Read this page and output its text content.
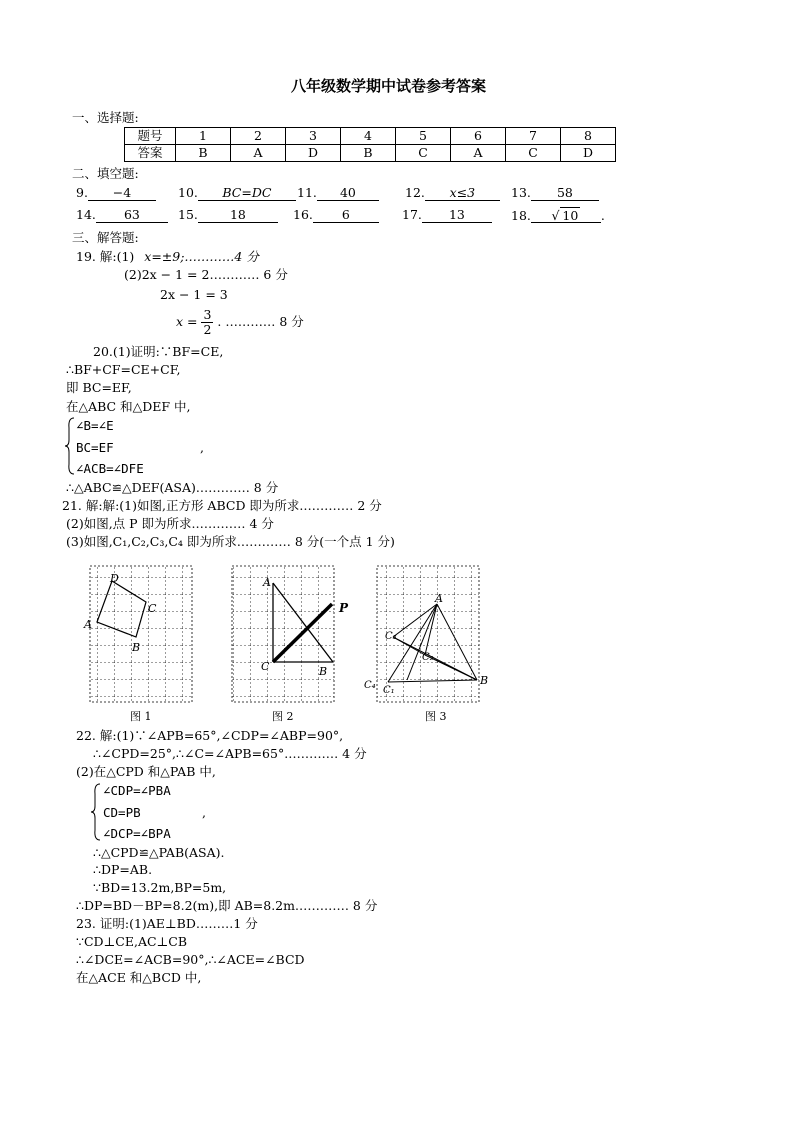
八年级数学期中试卷参考答案
一、选择题:
题号	1	2	3	4	5	6	7	8
答案	B	A	D	B	C	A	C	D
二、填空题:
9. −4	10. BC=DC	11. 40	12. x≤3	13. 58
14. 63	15.	18	16. 6	17. 13	18. √ 10 .
三、解答题:
19. 解:(1) x=±9;…………4 分
(2)2x − 1 = 2………… 6 分
2x − 1 = 3
$x = \frac{3}{2}$ . ………… 8 分
20.(1)证明:∵BF=CE,
∴BF+CF=CE+CF,
即 BC=EF,
在△ABC 和△DEF 中,
∠B=∠E
BC=EF	,
∠ACB=∠DFE
∴△ABC≌△DEF(ASA).………… 8 分
21. 解:解:(1)如图,正方形 ABCD 即为所求.………… 2 分
(2)如图,点 P 即为所求.………… 4 分
(3)如图,C₁,C₂,C₃,C₄ 即为所求.………… 8 分(一个点 1 分)
D
C
A
B
图 1
A
P
C	B
图 2
A
C₃
C₂
C₄ C₁
B
图 3
22. 解:(1)∵∠APB=65°,∠CDP=∠ABP=90°,
∴∠CPD=25°,∴∠C=∠APB=65°.………… 4 分
(2)在△CPD 和△PAB 中,
∠CDP=∠PBA
CD=PB	,
∠DCP=∠BPA
∴△CPD≌△PAB(ASA).
∴DP=AB.
∵BD=13.2m,BP=5m,
∴DP=BD－BP=8.2(m),即 AB=8.2m.………… 8 分
23. 证明:(1)AE⊥BD………1 分
∵CD⊥CE,AC⊥CB
∴∠DCE=∠ACB=90°,∴∠ACE=∠BCD
在△ACE 和△BCD 中,
